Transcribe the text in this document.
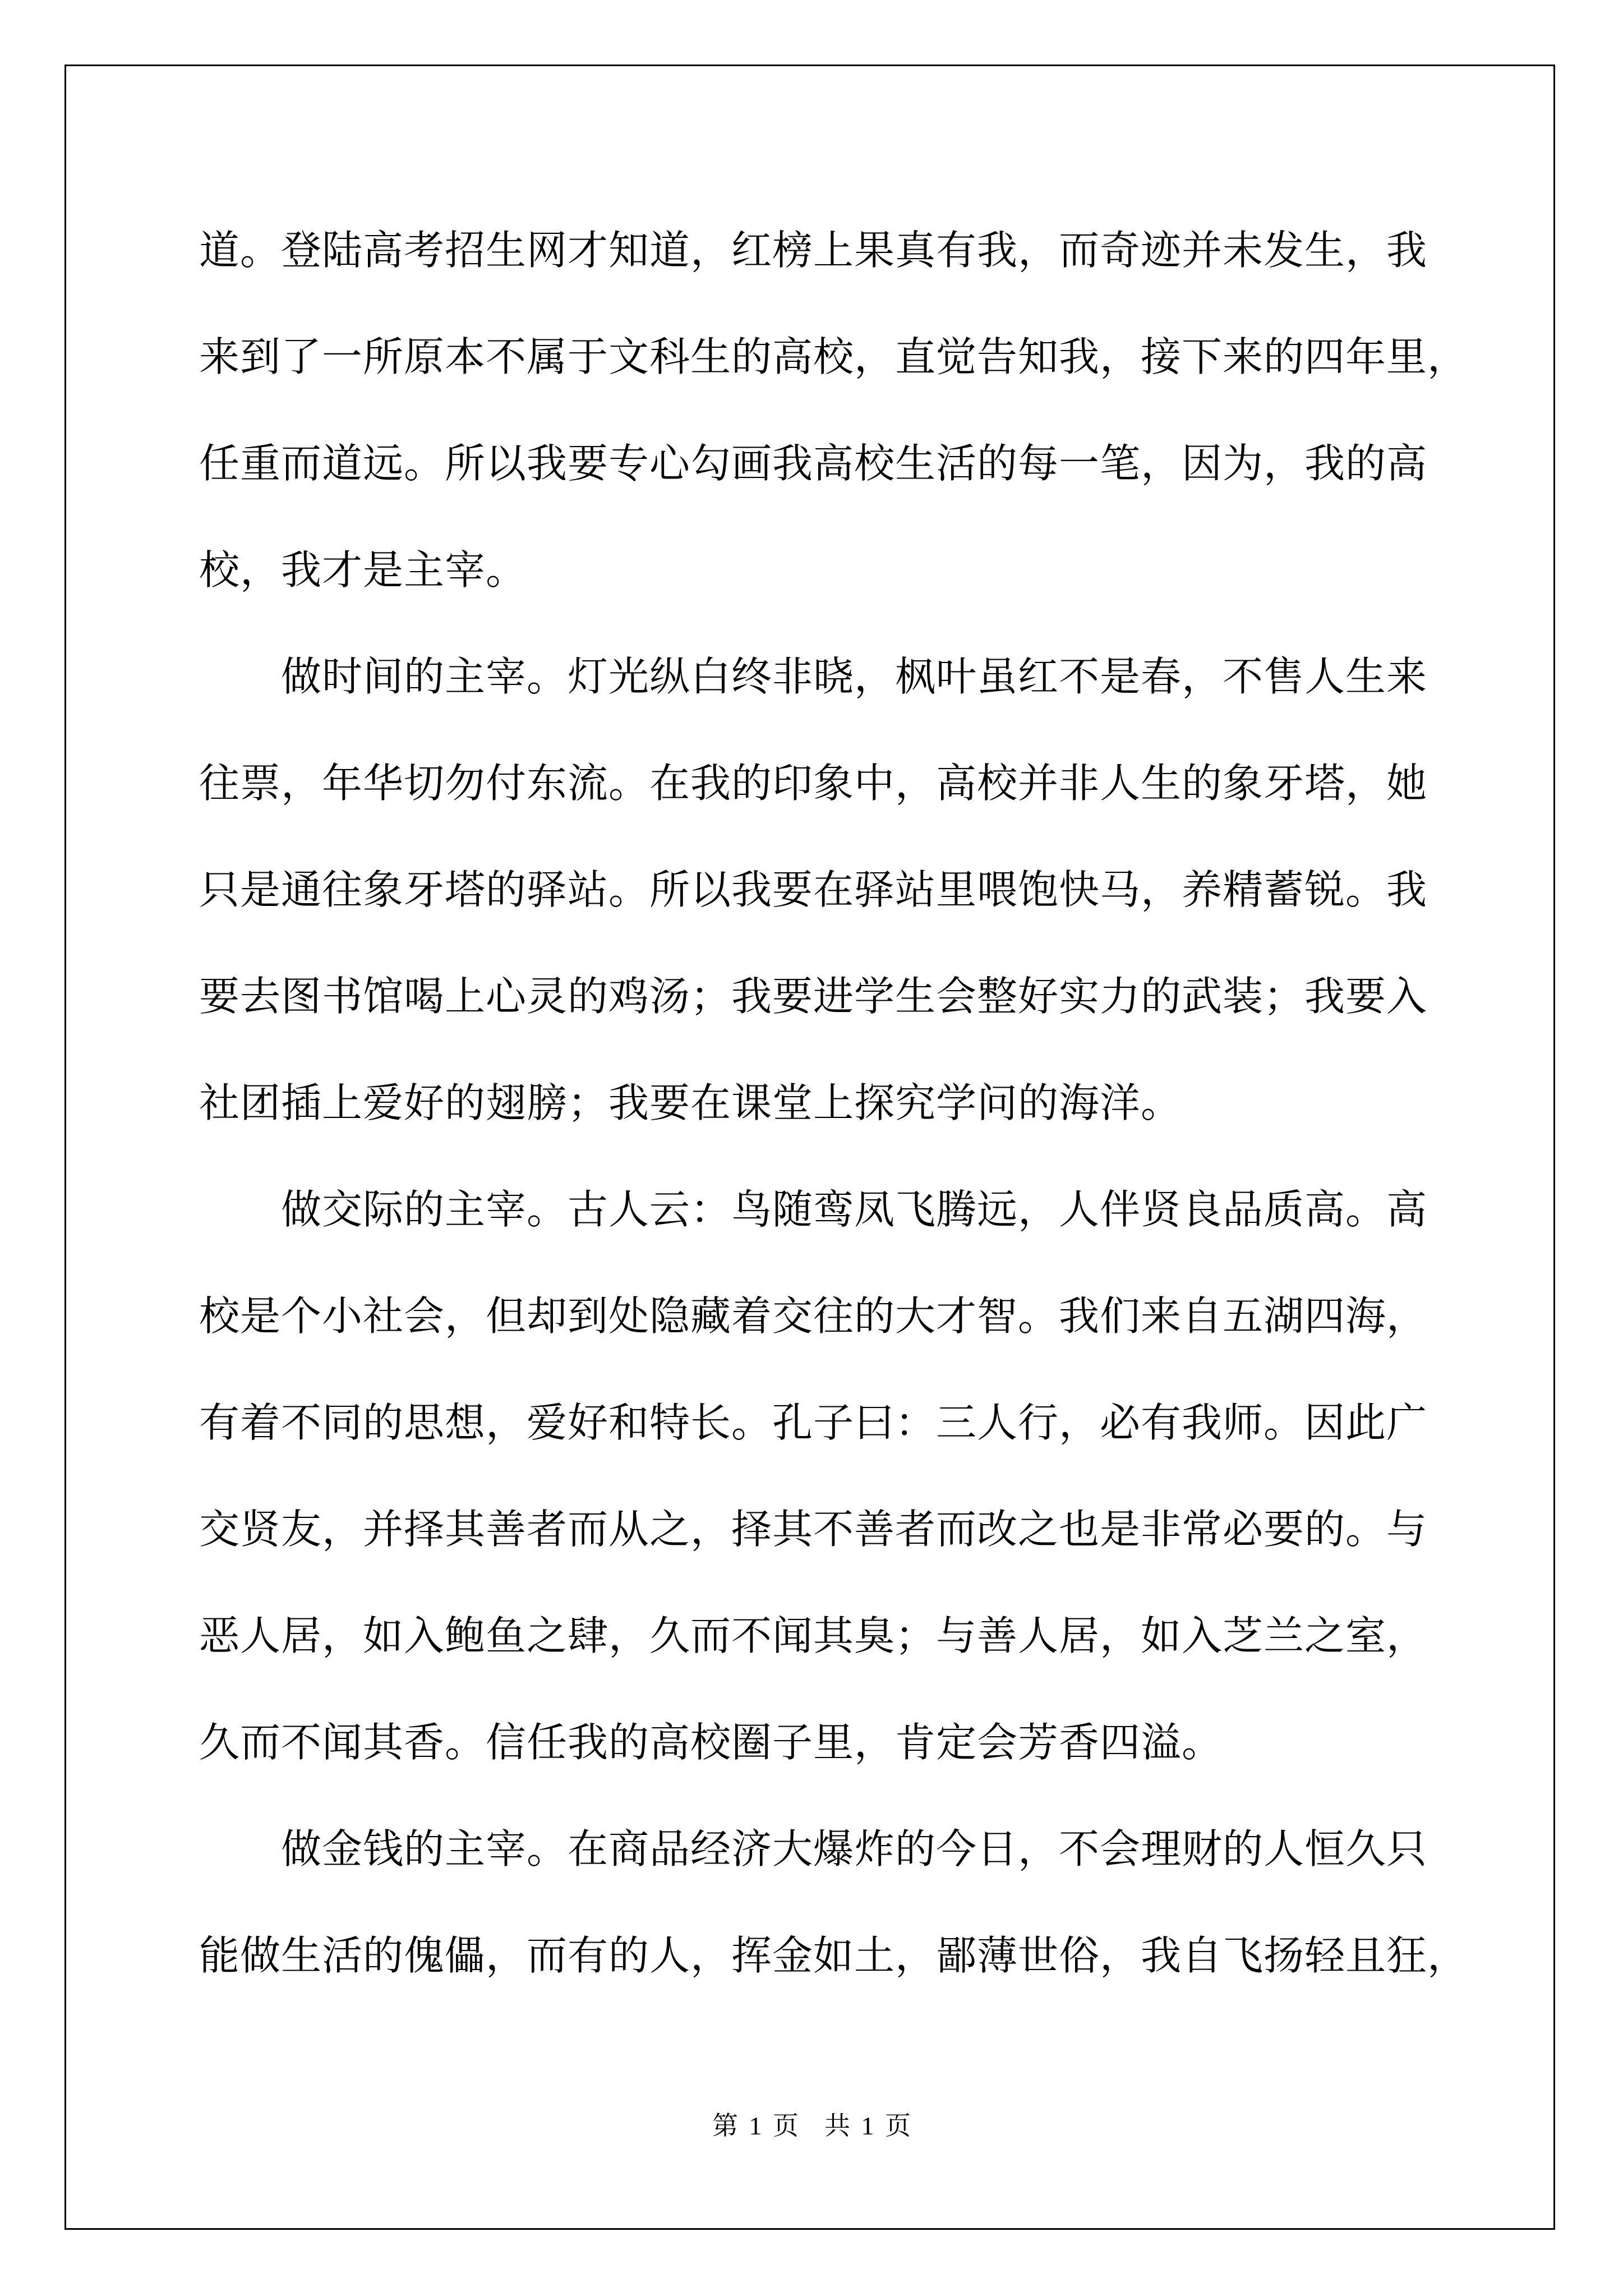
道。登陆高考招生网才知道，红榜上果真有我，而奇迹并未发生，我
来到了一所原本不属于文科生的高校，直觉告知我，接下来的四年里，
任重而道远。所以我要专心勾画我高校生活的每一笔，因为，我的高
校，我才是主宰。
　　做时间的主宰。灯光纵白终非晓，枫叶虽红不是春，不售人生来
往票，年华切勿付东流。在我的印象中，高校并非人生的象牙塔，她
只是通往象牙塔的驿站。所以我要在驿站里喂饱快马，养精蓄锐。我
要去图书馆喝上心灵的鸡汤；我要进学生会整好实力的武装；我要入
社团插上爱好的翅膀；我要在课堂上探究学问的海洋。
　　做交际的主宰。古人云：鸟随鸾凤飞腾远，人伴贤良品质高。高
校是个小社会，但却到处隐藏着交往的大才智。我们来自五湖四海，
有着不同的思想，爱好和特长。孔子曰：三人行，必有我师。因此广
交贤友，并择其善者而从之，择其不善者而改之也是非常必要的。与
恶人居，如入鲍鱼之肆，久而不闻其臭；与善人居，如入芝兰之室，
久而不闻其香。信任我的高校圈子里，肯定会芳香四溢。
　　做金钱的主宰。在商品经济大爆炸的今日，不会理财的人恒久只
能做生活的傀儡，而有的人，挥金如土，鄙薄世俗，我自飞扬轻且狂，
第 1 页　共 1 页
